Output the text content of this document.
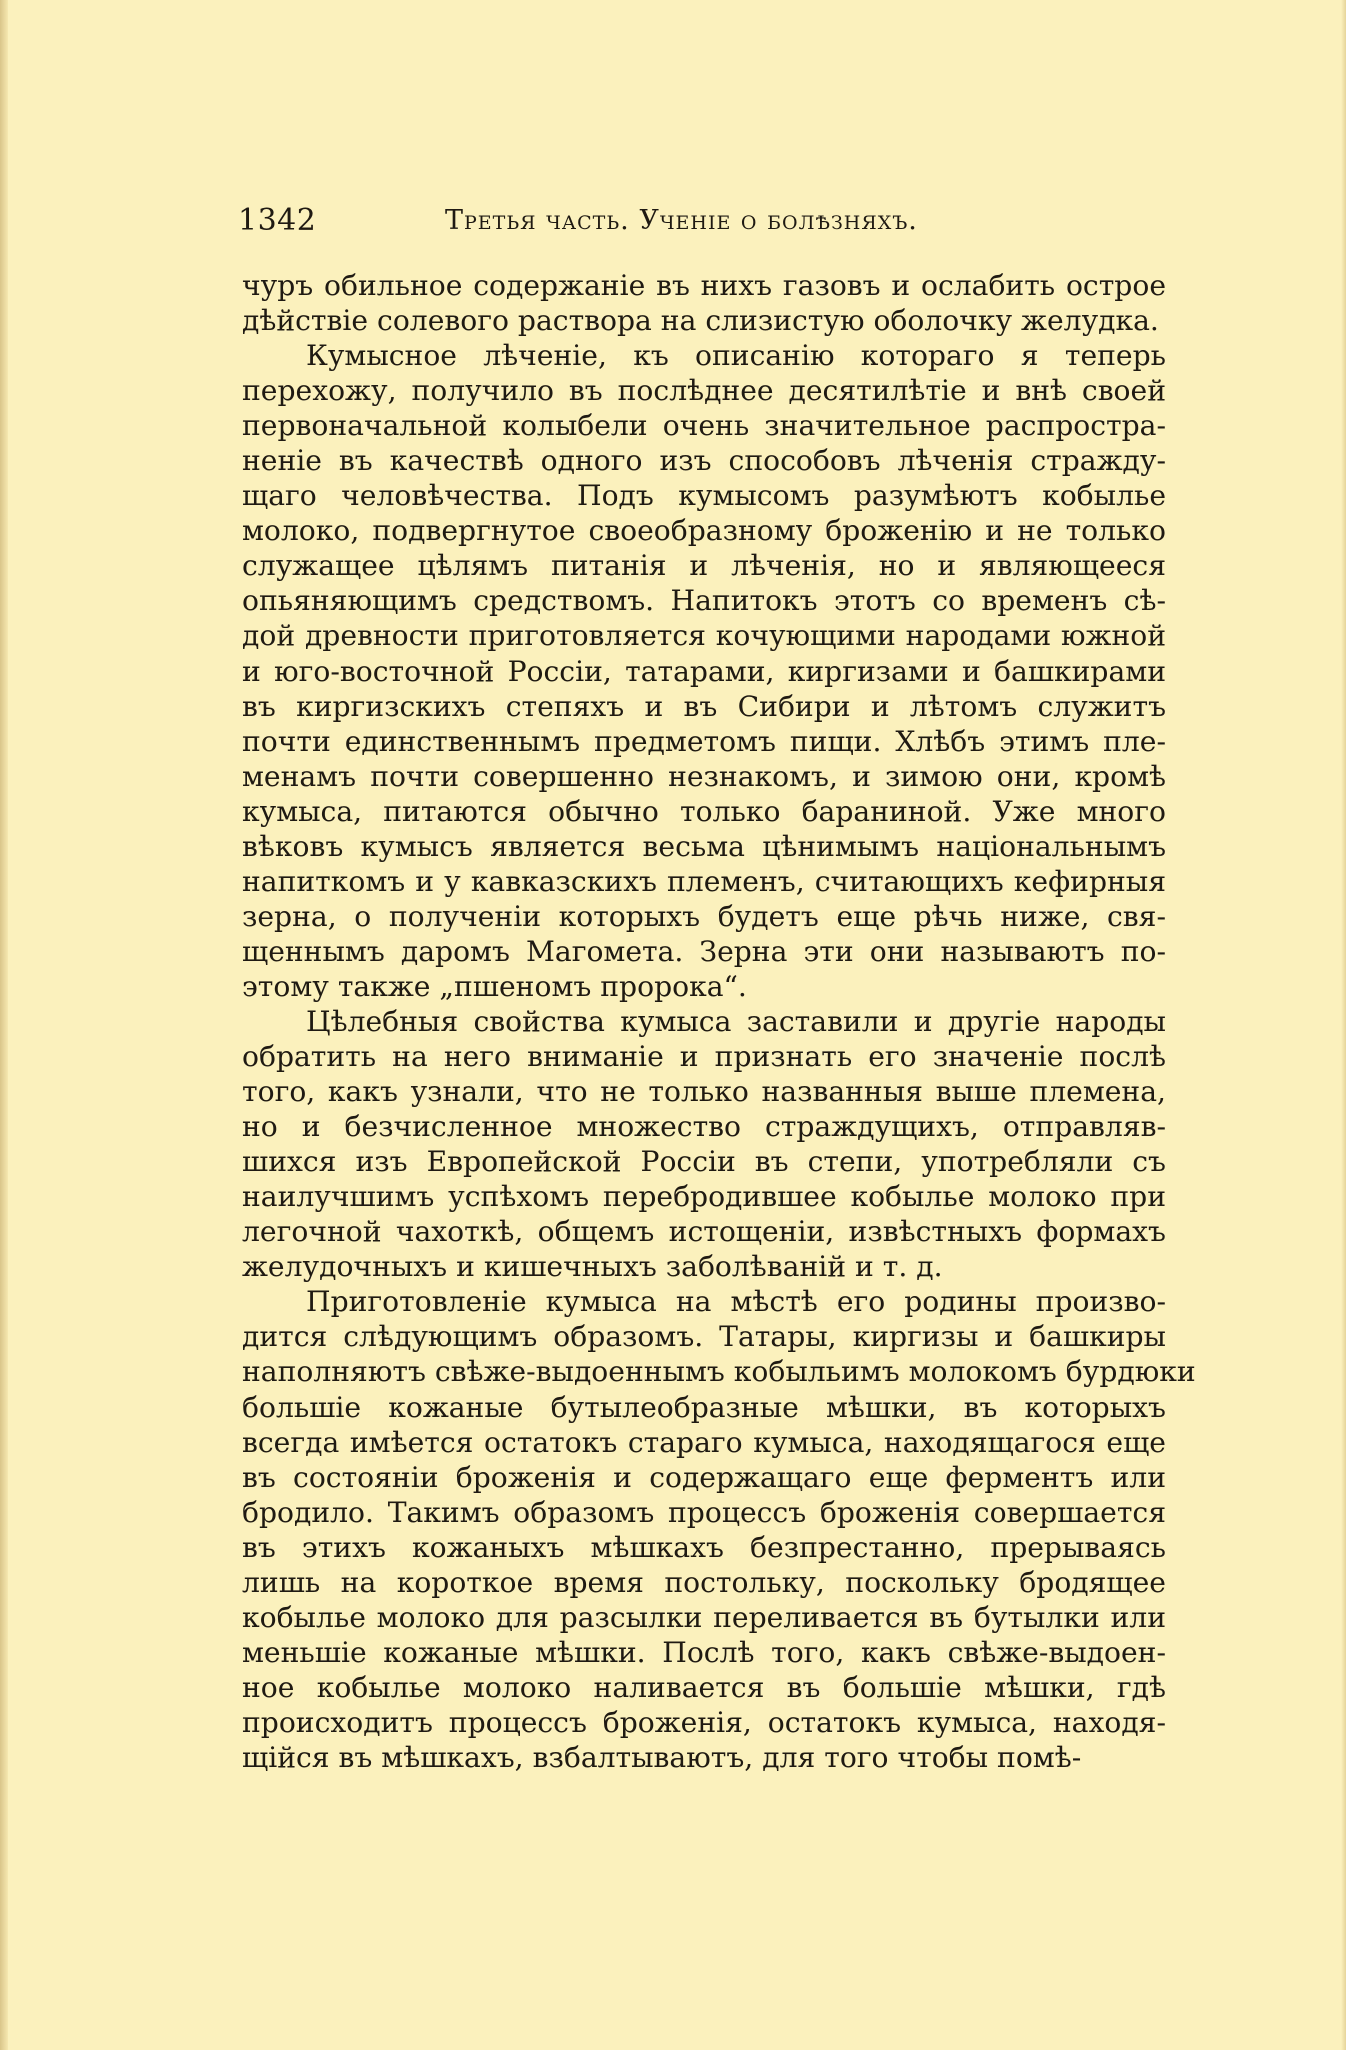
1342	Третья часть. Ученіе о болѣзняхъ.

чуръ обильное содержаніе въ нихъ газовъ и ослабить острое
дѣйствіе солевого раствора на слизистую оболочку желудка.

Кумысное лѣченіе, къ описанію котораго я теперь
перехожу, получило въ послѣднее десятилѣтіе и внѣ своей
первоначальной колыбели очень значительное распростра-
неніе въ качествѣ одного изъ способовъ лѣченія стражду-
щаго человѣчества. Подъ кумысомъ разумѣютъ кобылье
молоко, подвергнутое своеобразному броженію и не только
служащее цѣлямъ питанія и лѣченія, но и являющееся
опьяняющимъ средствомъ. Напитокъ этотъ со временъ сѣ-
дой древности приготовляется кочующими народами южной
и юго-восточной Россіи, татарами, киргизами и башкирами
въ киргизскихъ степяхъ и въ Сибири и лѣтомъ служитъ
почти единственнымъ предметомъ пищи. Хлѣбъ этимъ пле-
менамъ почти совершенно незнакомъ, и зимою они, кромѣ
кумыса, питаются обычно только бараниной. Уже много
вѣковъ кумысъ является весьма цѣнимымъ національнымъ
напиткомъ и у кавказскихъ племенъ, считающихъ кефирныя
зерна, о полученіи которыхъ будетъ еще рѣчь ниже, свя-
щеннымъ даромъ Магомета. Зерна эти они называютъ по-
этому также „пшеномъ пророка“.

Цѣлебныя свойства кумыса заставили и другіе народы
обратить на него вниманіе и признать его значеніе послѣ
того, какъ узнали, что не только названныя выше племена,
но и безчисленное множество страждущихъ, отправляв-
шихся изъ Европейской Россіи въ степи, употребляли съ
наилучшимъ успѣхомъ перебродившее кобылье молоко при
легочной чахоткѣ, общемъ истощеніи, извѣстныхъ формахъ
желудочныхъ и кишечныхъ заболѣваній и т. д.

Приготовленіе кумыса на мѣстѣ его родины произво-
дится слѣдующимъ образомъ. Татары, киргизы и башкиры
наполняютъ свѣже-выдоеннымъ кобыльимъ молокомъ бурдюки
большіе кожаные бутылеобразные мѣшки, въ которыхъ
всегда имѣется остатокъ стараго кумыса, находящагося еще
въ состояніи броженія и содержащаго еще ферментъ или
бродило. Такимъ образомъ процессъ броженія совершается
въ этихъ кожаныхъ мѣшкахъ безпрестанно, прерываясь
лишь на короткое время постольку, поскольку бродящее
кобылье молоко для разсылки переливается въ бутылки или
меньшіе кожаные мѣшки. Послѣ того, какъ свѣже-выдоен-
ное кобылье молоко наливается въ большіе мѣшки, гдѣ
происходитъ процессъ броженія, остатокъ кумыса, находя-
щійся въ мѣшкахъ, взбалтываютъ, для того чтобы помѣ-
